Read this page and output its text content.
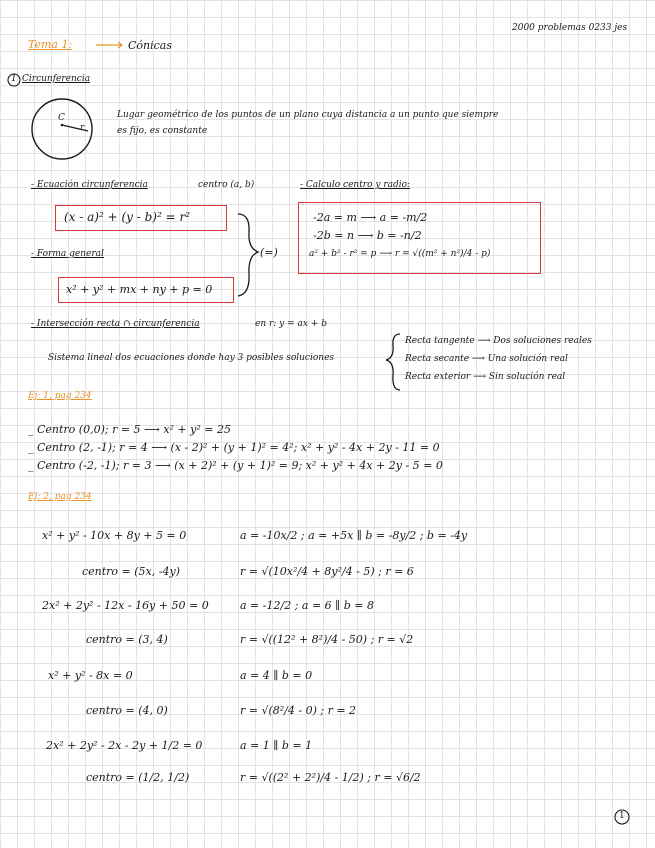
2000 problemas 0233 jes
Tema 1:	Cónicas
1 Circunferencia
C
r
Lugar geométrico de los puntos de un plano cuya distancia a un punto que siempre
es fijo, es constante
- Ecuación circunferencia	centro (a, b)
(x - a)² + (y - b)² = r²
- Forma general
x² + y² + mx + ny + p = 0
(=)
- Calculo centro y radio:
-2a = m ⟶ a = -m/2
-2b = n ⟶ b = -n/2
a² + b² - r² = p ⟶ r = √((m² + n²)/4 - p)
- Intersección recta ∩ circunferencia	en r: y = ax + b
Sistema lineal dos ecuaciones donde hay 3 posibles soluciones
Recta tangente ⟶ Dos soluciones reales
Recta secante ⟶ Una solución real
Recta exterior ⟶ Sin solución real
Ej: 1, pag 234
_ Centro (0,0); r = 5 ⟶ x² + y² = 25
_ Centro (2, -1); r = 4 ⟶ (x - 2)² + (y + 1)² = 4²; x² + y² - 4x + 2y - 11 = 0
_ Centro (-2, -1); r = 3 ⟶ (x + 2)² + (y + 1)² = 9; x² + y² + 4x + 2y - 5 = 0
Ej: 2, pag 234
x² + y² - 10x + 8y + 5 = 0	a = -10x/2 ; a = +5x ∥ b = -8y/2 ; b = -4y
centro = (5x, -4y)	r = √(10x²/4 + 8y²/4 - 5) ; r = 6
2x² + 2y² - 12x - 16y + 50 = 0	a = -12/2 ; a = 6 ∥ b = 8
centro = (3, 4)	r = √((12² + 8²)/4 - 50) ; r = √2
x² + y² - 8x = 0	a = 4 ∥ b = 0
centro = (4, 0)	r = √(8²/4 - 0) ; r = 2
2x² + 2y² - 2x - 2y + 1/2 = 0	a = 1 ∥ b = 1
centro = (1/2, 1/2)	r = √((2² + 2²)/4 - 1/2) ; r = √6/2
1
